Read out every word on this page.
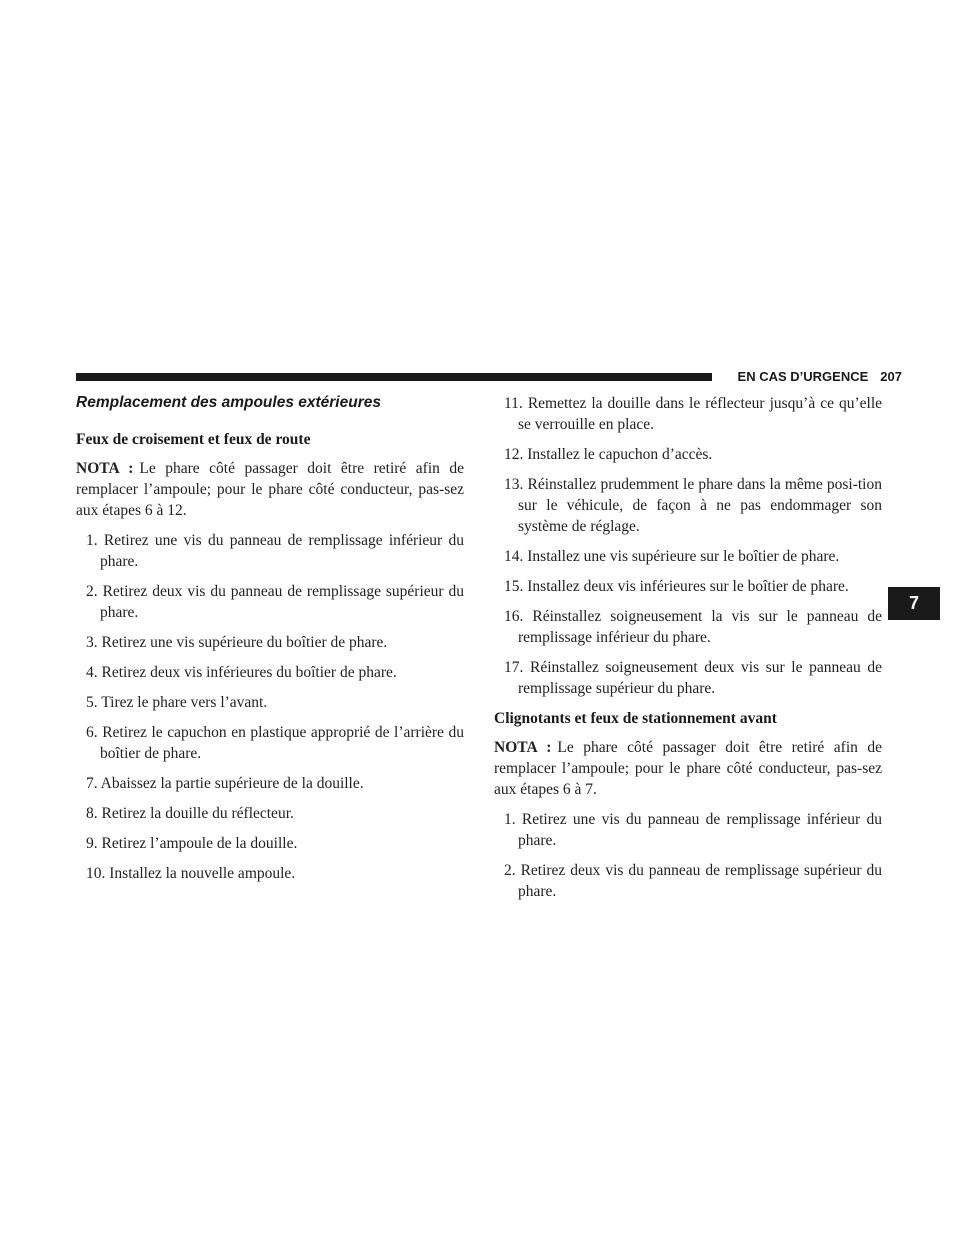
EN CAS D’URGENCE 207
7
Remplacement des ampoules extérieures
Feux de croisement et feux de route

NOTA : Le phare côté passager doit être retiré afin de remplacer l’ampoule; pour le phare côté conducteur, pas-sez aux étapes 6 à 12.

1. Retirez une vis du panneau de remplissage inférieur du phare.
2. Retirez deux vis du panneau de remplissage supérieur du phare.
3. Retirez une vis supérieure du boîtier de phare.
4. Retirez deux vis inférieures du boîtier de phare.
5. Tirez le phare vers l’avant.
6. Retirez le capuchon en plastique approprié de l’arrière du boîtier de phare.
7. Abaissez la partie supérieure de la douille.
8. Retirez la douille du réflecteur.
9. Retirez l’ampoule de la douille.
10. Installez la nouvelle ampoule.
11. Remettez la douille dans le réflecteur jusqu’à ce qu’elle se verrouille en place.
12. Installez le capuchon d’accès.
13. Réinstallez prudemment le phare dans la même posi-tion sur le véhicule, de façon à ne pas endommager son système de réglage.
14. Installez une vis supérieure sur le boîtier de phare.
15. Installez deux vis inférieures sur le boîtier de phare.
16. Réinstallez soigneusement la vis sur le panneau de remplissage inférieur du phare.
17. Réinstallez soigneusement deux vis sur le panneau de remplissage supérieur du phare.
Clignotants et feux de stationnement avant

NOTA : Le phare côté passager doit être retiré afin de remplacer l’ampoule; pour le phare côté conducteur, pas-sez aux étapes 6 à 7.

1. Retirez une vis du panneau de remplissage inférieur du phare.
2. Retirez deux vis du panneau de remplissage supérieur du phare.
